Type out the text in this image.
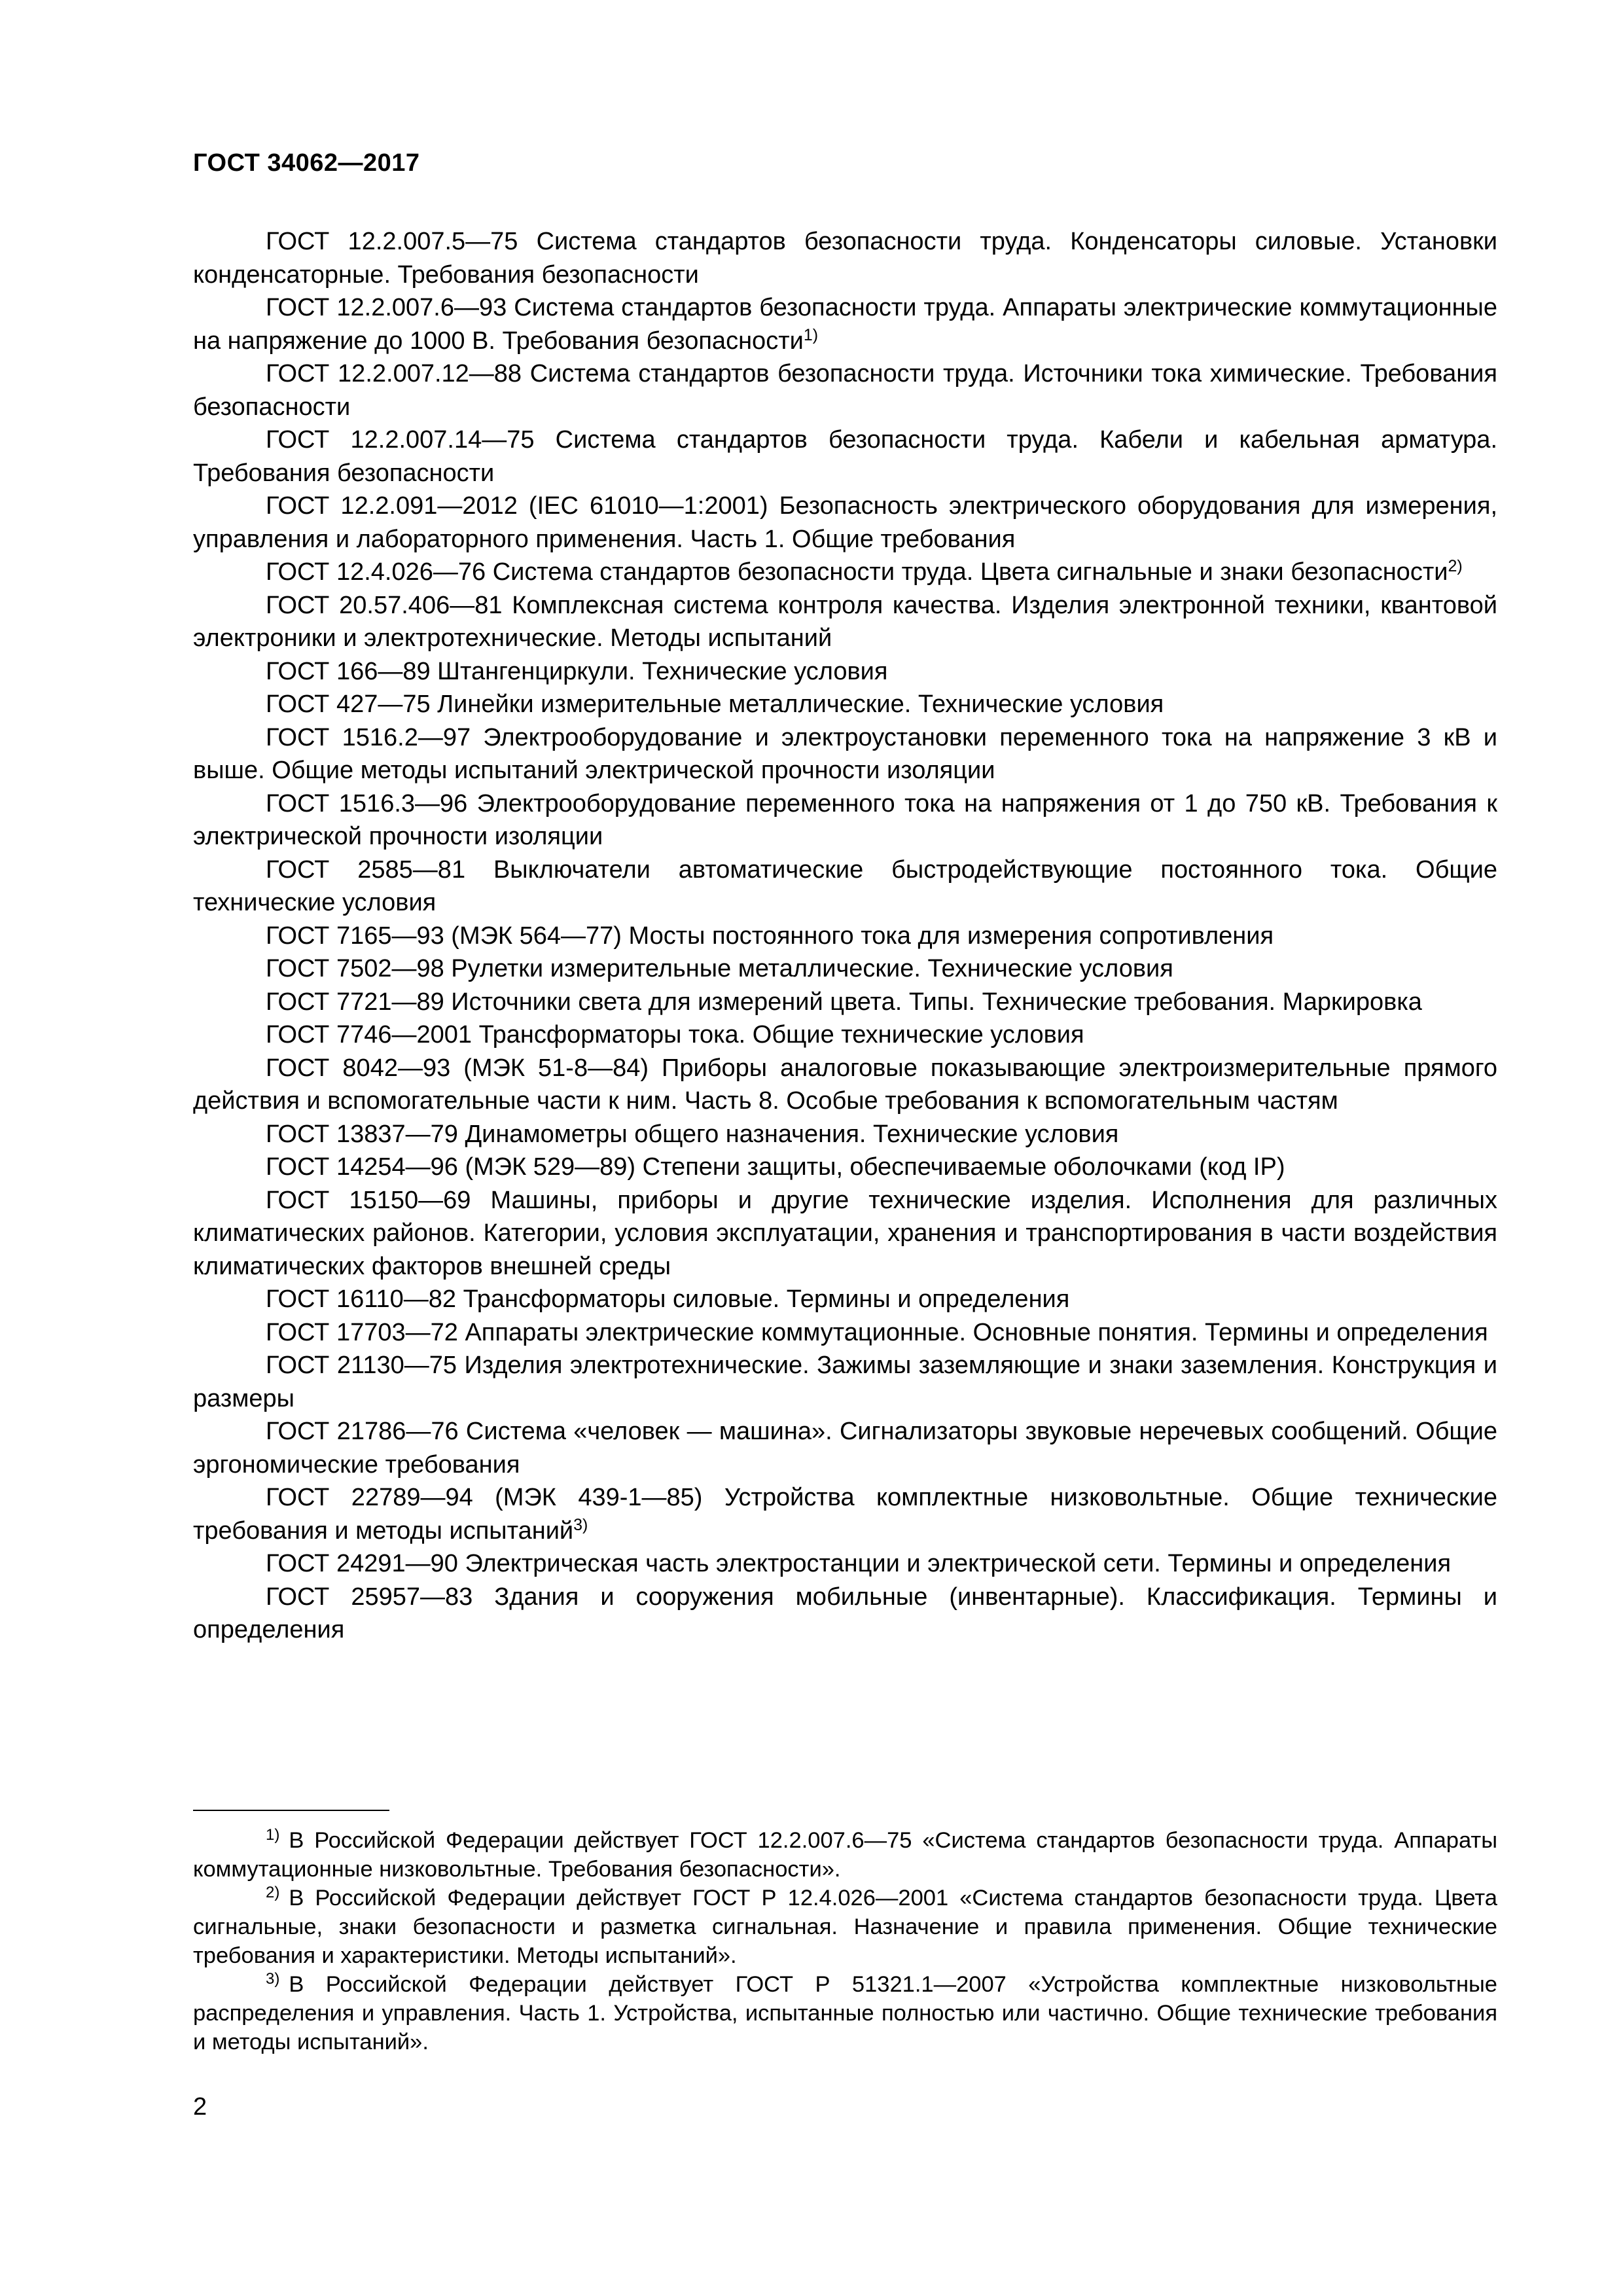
ГОСТ 34062—2017

ГОСТ 12.2.007.5—75 Система стандартов безопасности труда. Конденсаторы силовые. Установки конденсаторные. Требования безопасности

ГОСТ 12.2.007.6—93 Система стандартов безопасности труда. Аппараты электрические коммутационные на напряжение до 1000 В. Требования безопасности$^{1)}$

ГОСТ 12.2.007.12—88 Система стандартов безопасности труда. Источники тока химические. Требования безопасности

ГОСТ 12.2.007.14—75 Система стандартов безопасности труда. Кабели и кабельная арматура. Требования безопасности

ГОСТ 12.2.091—2012 (IEC 61010—1:2001) Безопасность электрического оборудования для измерения, управления и лабораторного применения. Часть 1. Общие требования

ГОСТ 12.4.026—76 Система стандартов безопасности труда. Цвета сигнальные и знаки безопасности$^{2)}$

ГОСТ 20.57.406—81 Комплексная система контроля качества. Изделия электронной техники, квантовой электроники и электротехнические. Методы испытаний

ГОСТ 166—89 Штангенциркули. Технические условия

ГОСТ 427—75 Линейки измерительные металлические. Технические условия

ГОСТ 1516.2—97 Электрооборудование и электроустановки переменного тока на напряжение 3 кВ и выше. Общие методы испытаний электрической прочности изоляции

ГОСТ 1516.3—96 Электрооборудование переменного тока на напряжения от 1 до 750 кВ. Требования к электрической прочности изоляции

ГОСТ 2585—81 Выключатели автоматические быстродействующие постоянного тока. Общие технические условия

ГОСТ 7165—93 (МЭК 564—77) Мосты постоянного тока для измерения сопротивления

ГОСТ 7502—98 Рулетки измерительные металлические. Технические условия

ГОСТ 7721—89 Источники света для измерений цвета. Типы. Технические требования. Маркировка

ГОСТ 7746—2001 Трансформаторы тока. Общие технические условия

ГОСТ 8042—93 (МЭК 51-8—84) Приборы аналоговые показывающие электроизмерительные прямого действия и вспомогательные части к ним. Часть 8. Особые требования к вспомогательным частям

ГОСТ 13837—79 Динамометры общего назначения. Технические условия

ГОСТ 14254—96 (МЭК 529—89) Степени защиты, обеспечиваемые оболочками (код IP)

ГОСТ 15150—69 Машины, приборы и другие технические изделия. Исполнения для различных климатических районов. Категории, условия эксплуатации, хранения и транспортирования в части воздействия климатических факторов внешней среды

ГОСТ 16110—82 Трансформаторы силовые. Термины и определения

ГОСТ 17703—72 Аппараты электрические коммутационные. Основные понятия. Термины и определения

ГОСТ 21130—75 Изделия электротехнические. Зажимы заземляющие и знаки заземления. Конструкция и размеры

ГОСТ 21786—76 Система «человек — машина». Сигнализаторы звуковые неречевых сообщений. Общие эргономические требования

ГОСТ 22789—94 (МЭК 439-1—85) Устройства комплектные низковольтные. Общие технические требования и методы испытаний$^{3)}$

ГОСТ 24291—90 Электрическая часть электростанции и электрической сети. Термины и определения

ГОСТ 25957—83 Здания и сооружения мобильные (инвентарные). Классификация. Термины и определения

$^{1)}$ В Российской Федерации действует ГОСТ 12.2.007.6—75 «Система стандартов безопасности труда. Аппараты коммутационные низковольтные. Требования безопасности».

$^{2)}$ В Российской Федерации действует ГОСТ Р 12.4.026—2001 «Система стандартов безопасности труда. Цвета сигнальные, знаки безопасности и разметка сигнальная. Назначение и правила применения. Общие технические требования и характеристики. Методы испытаний».

$^{3)}$ В Российской Федерации действует ГОСТ Р 51321.1—2007 «Устройства комплектные низковольтные распределения и управления. Часть 1. Устройства, испытанные полностью или частично. Общие технические требования и методы испытаний».

2
